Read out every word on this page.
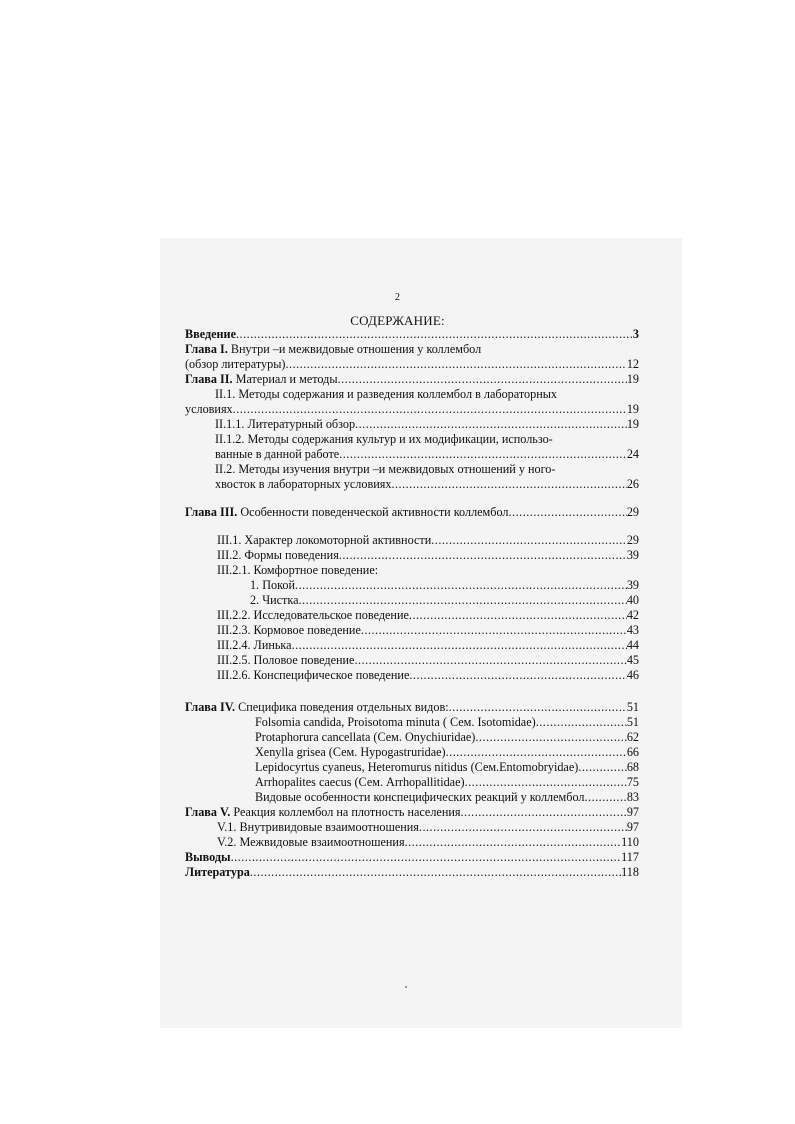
2
СОДЕРЖАНИЕ:
Введение .....	3
Глава I. Внутри –и межвидовые отношения у коллембол
(обзор литературы) .....	12
Глава II. Материал и методы .....	19
II.1. Методы содержания и разведения коллембол в лабораторных
условиях .....	19
II.1.1. Литературный обзор .....	19
II.1.2. Методы содержания культур и их модификации, использо-
ванные в данной работе .....	24
II.2. Методы изучения внутри –и межвидовых отношений у ного-
хвосток в лабораторных условиях .....	26
Глава III. Особенности поведенческой активности коллембол .....	29
III.1. Характер локомоторной активности .....	29
III.2. Формы поведения .....	39
III.2.1. Комфортное поведение:
1. Покой .....	39
2. Чистка .....	40
III.2.2. Исследовательское поведение .....	42
III.2.3. Кормовое поведение .....	43
III.2.4. Линька .....	44
III.2.5. Половое поведение .....	45
III.2.6. Конспецифическое поведение .....	46
Глава IV. Специфика поведения отдельных видов: .....	51
Folsomia candida, Proisotoma minuta ( Сем. Isotomidae) .....	51
Protaphorura cancellata (Сем. Onychiuridae) .....	62
Xenylla grisea (Сем. Hypogastruridae) .....	66
Lepidocyrtus cyaneus, Heteromurus nitidus (Сем.Entomobryidae) .....	68
Arrhopalites caecus (Сем. Arrhopallitidae) .....	75
Видовые особенности конспецифических реакций у коллембол .....	83
Глава V. Реакция коллембол на плотность населения .....	97
V.1. Внутривидовые взаимоотношения .....	97
V.2. Межвидовые взаимоотношения .....	110
Выводы .....	117
Литература .....	118
